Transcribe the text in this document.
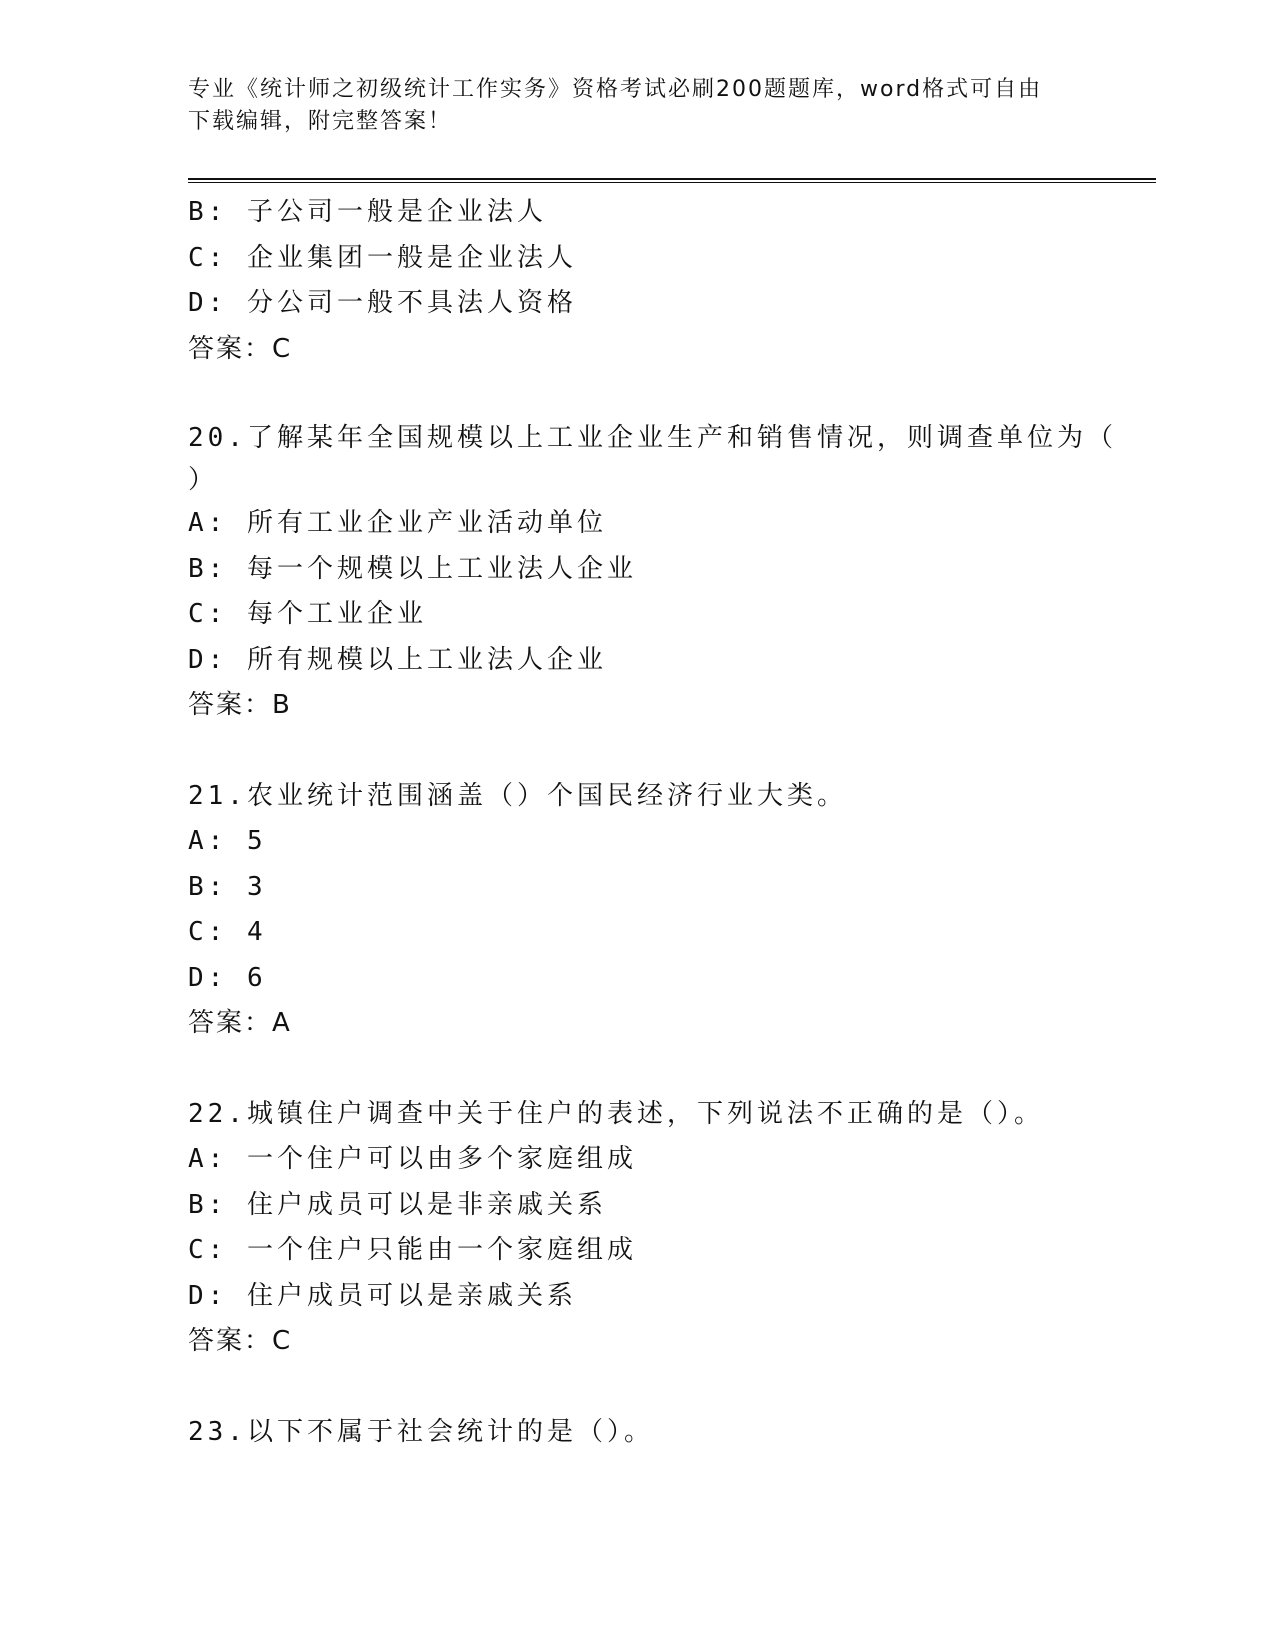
专业《统计师之初级统计工作实务》资格考试必刷200题题库，word格式可自由
下载编辑，附完整答案！
B: 子公司一般是企业法人
C: 企业集团一般是企业法人
D: 分公司一般不具法人资格
答案：C
20.了解某年全国规模以上工业企业生产和销售情况，则调查单位为（
）
A: 所有工业企业产业活动单位
B: 每一个规模以上工业法人企业
C: 每个工业企业
D: 所有规模以上工业法人企业
答案：B
21.农业统计范围涵盖（）个国民经济行业大类。
A: 5
B: 3
C: 4
D: 6
答案：A
22.城镇住户调查中关于住户的表述，下列说法不正确的是（）。
A: 一个住户可以由多个家庭组成
B: 住户成员可以是非亲戚关系
C: 一个住户只能由一个家庭组成
D: 住户成员可以是亲戚关系
答案：C
23.以下不属于社会统计的是（）。
